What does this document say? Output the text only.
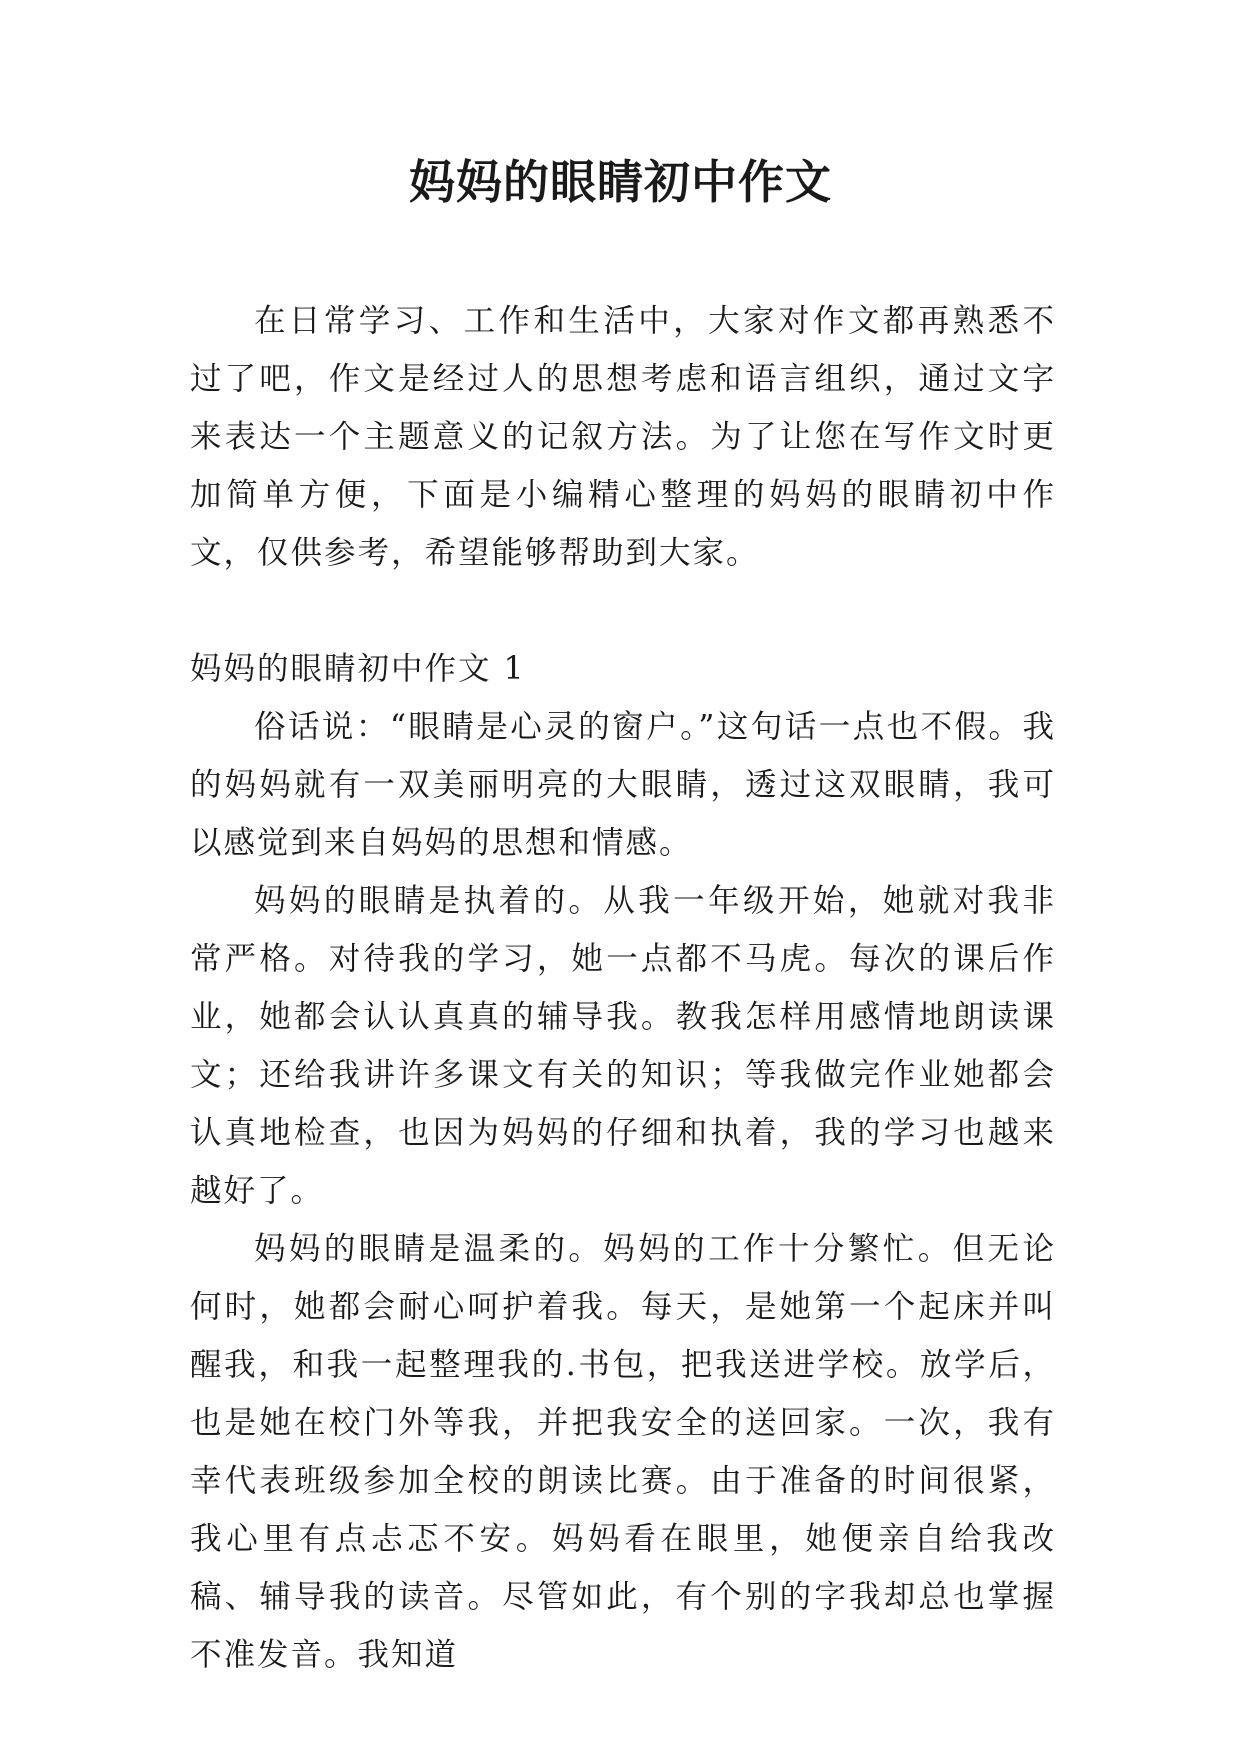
妈妈的眼睛初中作文

在日常学习、工作和生活中，大家对作文都再熟悉不过了吧，作文是经过人的思想考虑和语言组织，通过文字来表达一个主题意义的记叙方法。为了让您在写作文时更加简单方便，下面是小编精心整理的妈妈的眼睛初中作文，仅供参考，希望能够帮助到大家。

妈妈的眼睛初中作文 1

俗话说：“眼睛是心灵的窗户。”这句话一点也不假。我的妈妈就有一双美丽明亮的大眼睛，透过这双眼睛，我可以感觉到来自妈妈的思想和情感。

妈妈的眼睛是执着的。从我一年级开始，她就对我非常严格。对待我的学习，她一点都不马虎。每次的课后作业，她都会认认真真的辅导我。教我怎样用感情地朗读课文；还给我讲许多课文有关的知识；等我做完作业她都会认真地检查，也因为妈妈的仔细和执着，我的学习也越来越好了。

妈妈的眼睛是温柔的。妈妈的工作十分繁忙。但无论何时，她都会耐心呵护着我。每天，是她第一个起床并叫醒我，和我一起整理我的.书包，把我送进学校。放学后，也是她在校门外等我，并把我安全的送回家。一次，我有幸代表班级参加全校的朗读比赛。由于准备的时间很紧，我心里有点忐忑不安。妈妈看在眼里，她便亲自给我改稿、辅导我的读音。尽管如此，有个别的字我却总也掌握不准发音。我知道
